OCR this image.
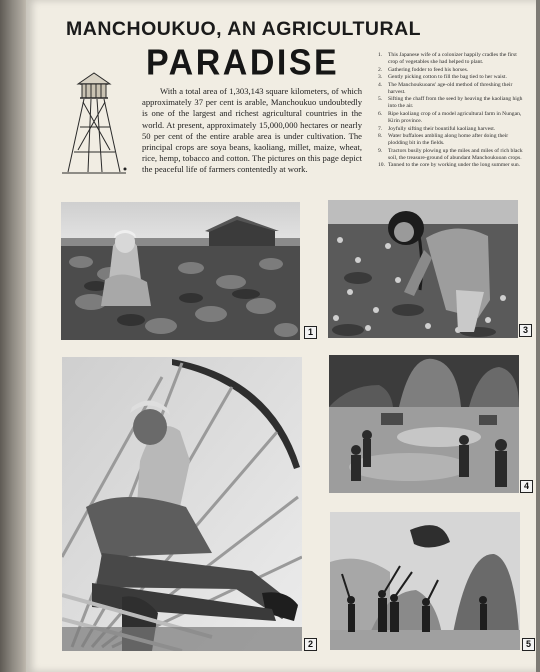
MANCHOUKUO, AN AGRICULTURAL
PARADISE
With a total area of 1,303,143 square kilometers, of which approximately 37 per cent is arable, Manchoukuo undoubtedly is one of the largest and richest agricultural countries in the world. At present, approximately 15,000,000 hectares or nearly 50 per cent of the entire arable area is under cultivation. The principal crops are soya beans, kaoliang, millet, maize, wheat, rice, hemp, tobacco and cotton. The pictures on this page depict the peaceful life of farmers contentedly at work.
1.	This Japanese wife of a colonizer happily cradles the first crop of vegetables she had helped to plant.
2.	Gathering fodder to feed his horses.
3.	Gently picking cotton to fill the bag tied to her waist.
4.	The Manchoukuoans' age-old method of threshing their harvest.
5.	Sifting the chaff from the seed by heaving the kaoliang high into the air.
6.	Ripe kaoliang crop of a model agricultural farm in Nungan, Kirin province.
7.	Joyfully sifting their bountiful kaoliang harvest.
8.	Water buffaloes ambling along home after doing their plodding bit in the fields.
9.	Tractors busily plowing up the miles and miles of rich black soil, the treasure-ground of abundant Manchoukuoan crops.
10. Tanned to the core by working under the long summer sun.
1	3
2
4
5
